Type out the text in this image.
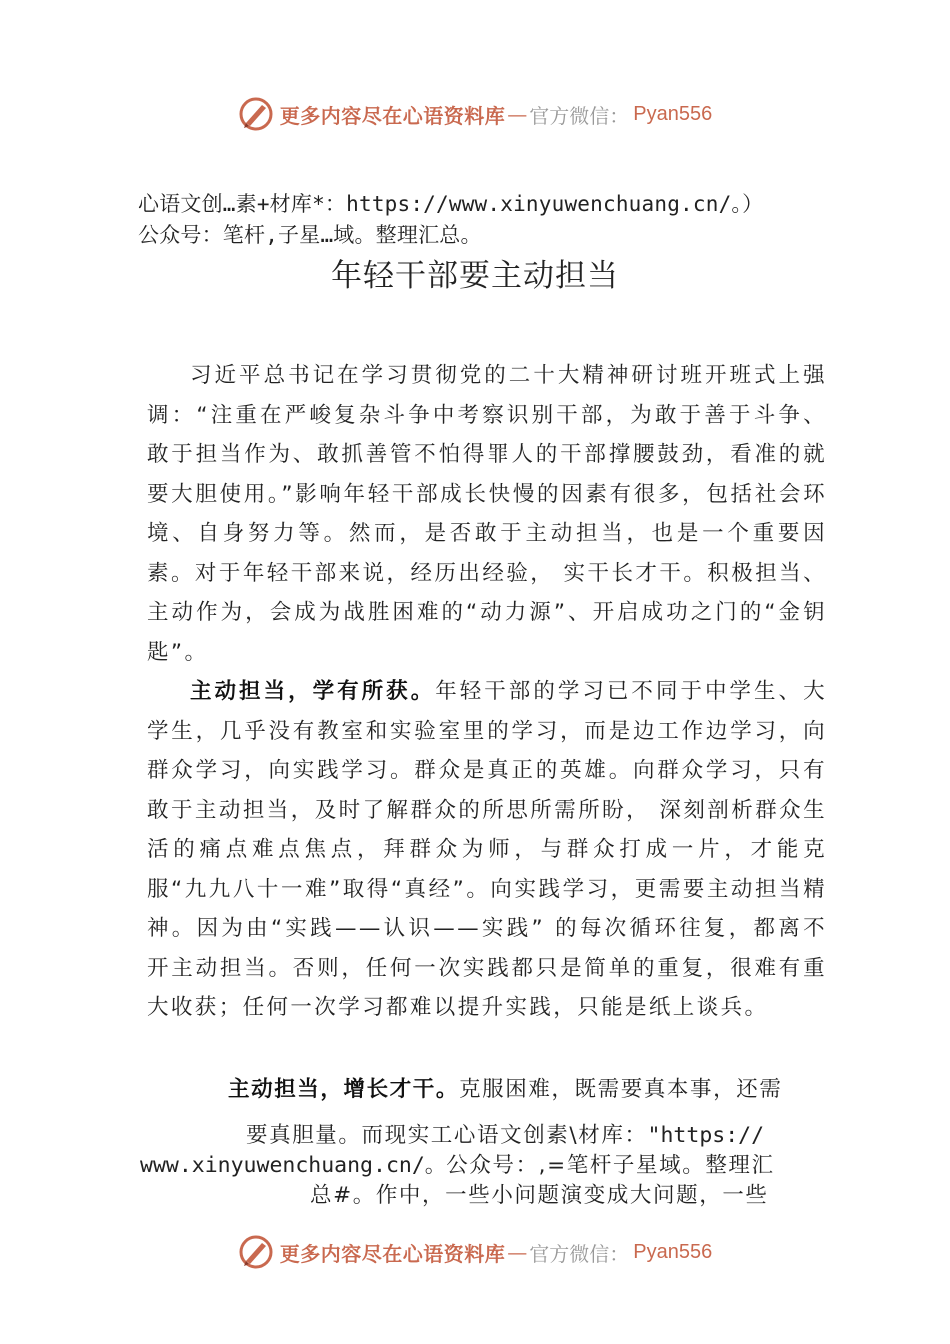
更多内容尽在心语资料库 — 官方微信： Pyan556
心语文创…素+材库*：https://www.xinyuwenchuang.cn/。）
公众号：笔杆,子星…域。整理汇总。
年轻干部要主动担当

习近平总书记在学习贯彻党的二十大精神研讨班开班式上强调：“注重在严峻复杂斗争中考察识别干部，为敢于善于斗争、敢于担当作为、敢抓善管不怕得罪人的干部撑腰鼓劲，看准的就要大胆使用。”影响年轻干部成长快慢的因素有很多，包括社会环境、自身努力等。然而，是否敢于主动担当，也是一个重要因素。对于年轻干部来说，经历出经验， 实干长才干。积极担当、主动作为，会成为战胜困难的“动力源”、开启成功之门的“金钥匙”。

主动担当，学有所获。年轻干部的学习已不同于中学生、大学生，几乎没有教室和实验室里的学习，而是边工作边学习，向群众学习，向实践学习。群众是真正的英雄。向群众学习，只有敢于主动担当，及时了解群众的所思所需所盼， 深刻剖析群众生活的痛点难点焦点，拜群众为师，与群众打成一片，才能克服“九九八十一难”取得“真经”。向实践学习，更需要主动担当精神。因为由“实践——认识——实践” 的每次循环往复，都离不开主动担当。否则，任何一次实践都只是简单的重复，很难有重大收获；任何一次学习都难以提升实践，只能是纸上谈兵。

主动担当，增长才干。克服困难，既需要真本事，还需
要真胆量。而现实工心语文创素\材库："https://
www.xinyuwenchuang.cn/。公众号：,=笔杆子星域。整理汇
总#。作中，一些小问题演变成大问题，一些
更多内容尽在心语资料库 — 官方微信： Pyan556
